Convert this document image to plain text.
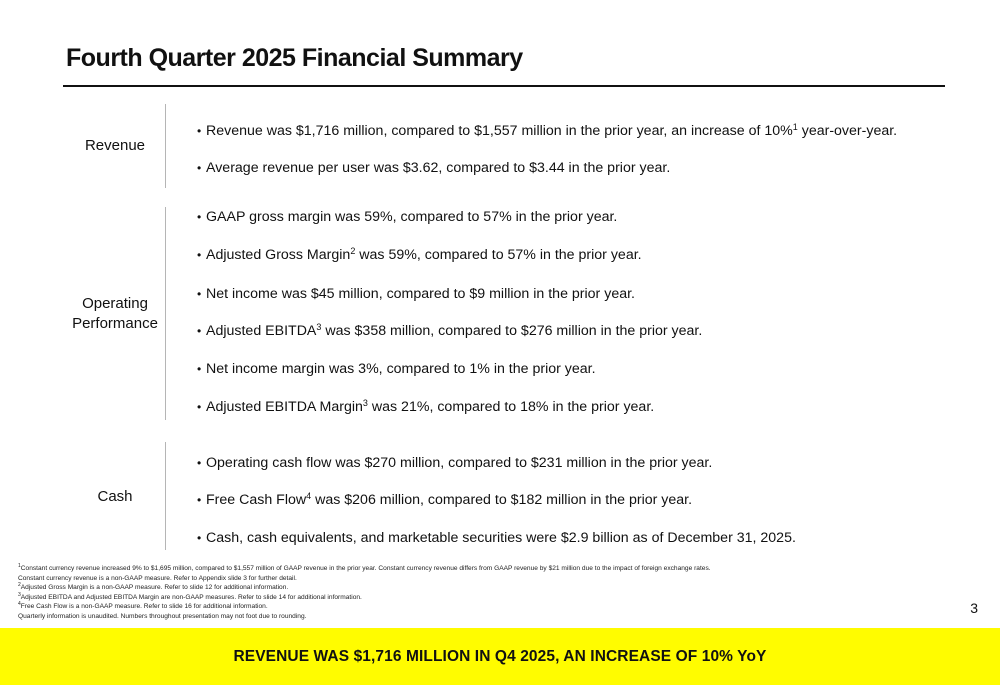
Fourth Quarter 2025 Financial Summary
Revenue
• Revenue was $1,716 million, compared to $1,557 million in the prior year, an increase of 10%$^1$ year-over-year.
• Average revenue per user was $3.62, compared to $3.44 in the prior year.
Operating
Performance
• GAAP gross margin was 59%, compared to 57% in the prior year.
• Adjusted Gross Margin$^2$ was 59%, compared to 57% in the prior year.
• Net income was $45 million, compared to $9 million in the prior year.
• Adjusted EBITDA$^3$ was $358 million, compared to $276 million in the prior year.
• Net income margin was 3%, compared to 1% in the prior year.
• Adjusted EBITDA Margin$^3$ was 21%, compared to 18% in the prior year.
Cash
• Operating cash flow was $270 million, compared to $231 million in the prior year.
• Free Cash Flow$^4$ was $206 million, compared to $182 million in the prior year.
• Cash, cash equivalents, and marketable securities were $2.9 billion as of December 31, 2025.
$^1$Constant currency revenue increased 9% to $1,695 million, compared to $1,557 million of GAAP revenue in the prior year. Constant currency revenue differs from GAAP revenue by $21 million due to the impact of foreign exchange rates.
Constant currency revenue is a non-GAAP measure. Refer to Appendix slide 3 for further detail.
$^2$Adjusted Gross Margin is a non-GAAP measure. Refer to slide 12 for additional information.
$^3$Adjusted EBITDA and Adjusted EBITDA Margin are non-GAAP measures. Refer to slide 14 for additional information.
$^4$Free Cash Flow is a non-GAAP measure. Refer to slide 16 for additional information.
Quarterly information is unaudited. Numbers throughout presentation may not foot due to rounding.
3
REVENUE WAS $1,716 MILLION IN Q4 2025, AN INCREASE OF 10% YoY
